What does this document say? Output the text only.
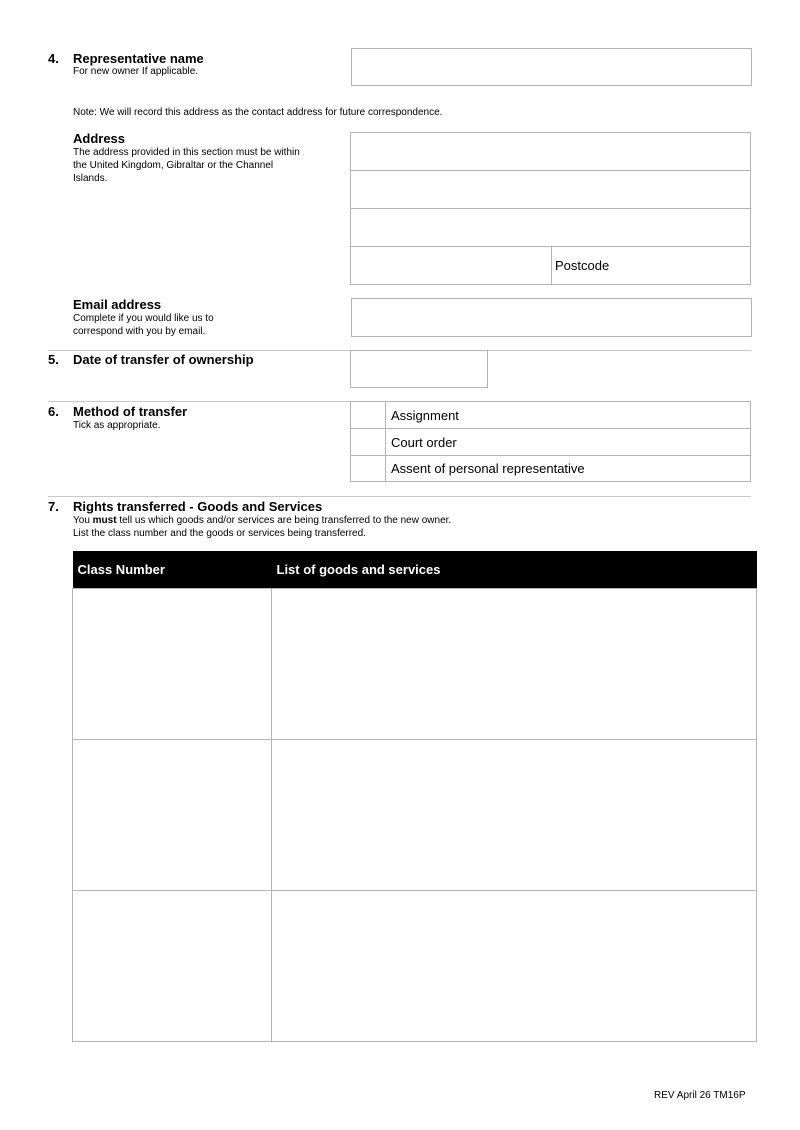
4. Representative name
For new owner If applicable.
Note: We will record this address as the contact address for future correspondence.
Address
The address provided in this section must be within the United Kingdom, Gibraltar or the Channel Islands.
Postcode
Email address
Complete if you would like us to correspond with you by email.
5. Date of transfer of ownership
6. Method of transfer
Tick as appropriate.
Assignment
Court order
Assent of personal representative
7. Rights transferred - Goods and Services
You must tell us which goods and/or services are being transferred to the new owner.
List the class number and the goods or services being transferred.
Class Number	List of goods and services

REV April 26 TM16P
